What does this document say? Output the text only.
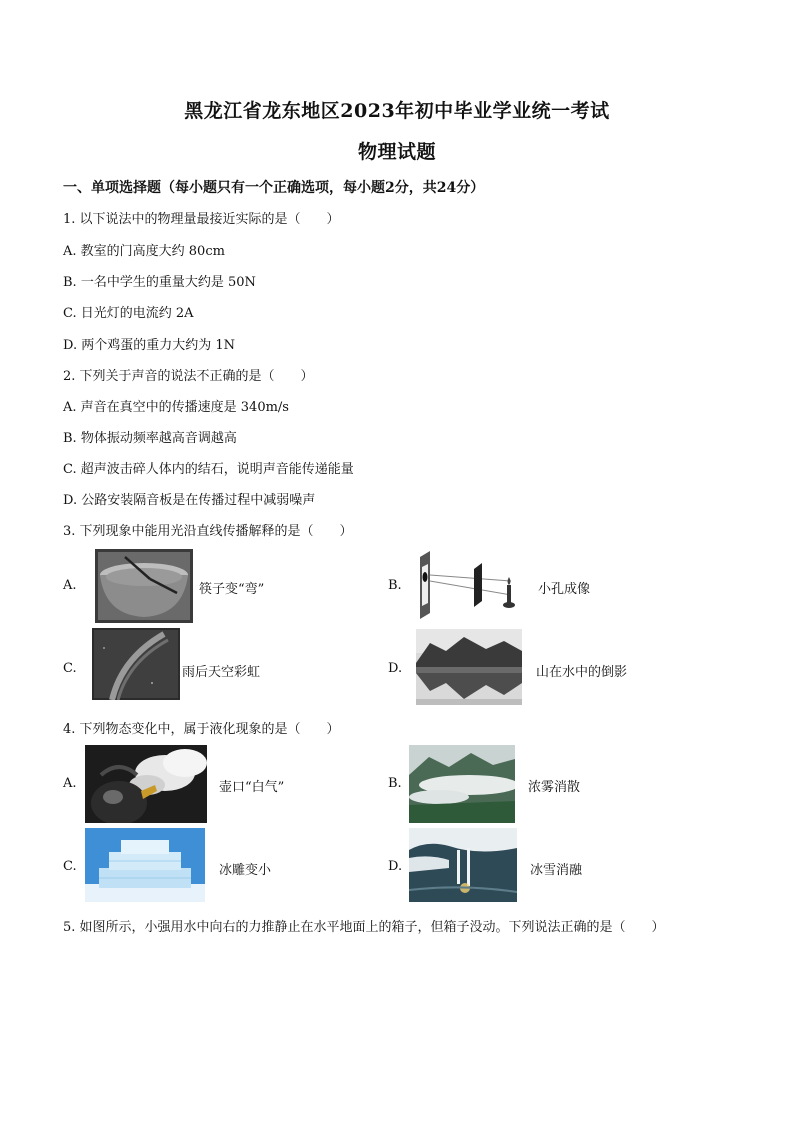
黑龙江省龙东地区2023年初中毕业学业统一考试
物理试题
一、单项选择题（每小题只有一个正确选项，每小题2分，共24分）
1. 以下说法中的物理量最接近实际的是（　　）
A. 教室的门高度大约 80cm
B. 一名中学生的重量大约是 50N
C. 日光灯的电流约 2A
D. 两个鸡蛋的重力大约为 1N
2. 下列关于声音的说法不正确的是（　　）
A. 声音在真空中的传播速度是 340m/s
B. 物体振动频率越高音调越高
C. 超声波击碎人体内的结石，说明声音能传递能量
D. 公路安装隔音板是在传播过程中减弱噪声
3. 下列现象中能用光沿直线传播解释的是（　　）
A.	筷子变“弯”	B.	小孔成像
C.	雨后天空彩虹	D.	山在水中的倒影
4. 下列物态变化中，属于液化现象的是（　　）
A.	壶口“白气”	B.	浓雾消散
C.	冰雕变小	D.	冰雪消融
5. 如图所示，小强用水中向右的力推静止在水平地面上的箱子，但箱子没动。下列说法正确的是（　　）
